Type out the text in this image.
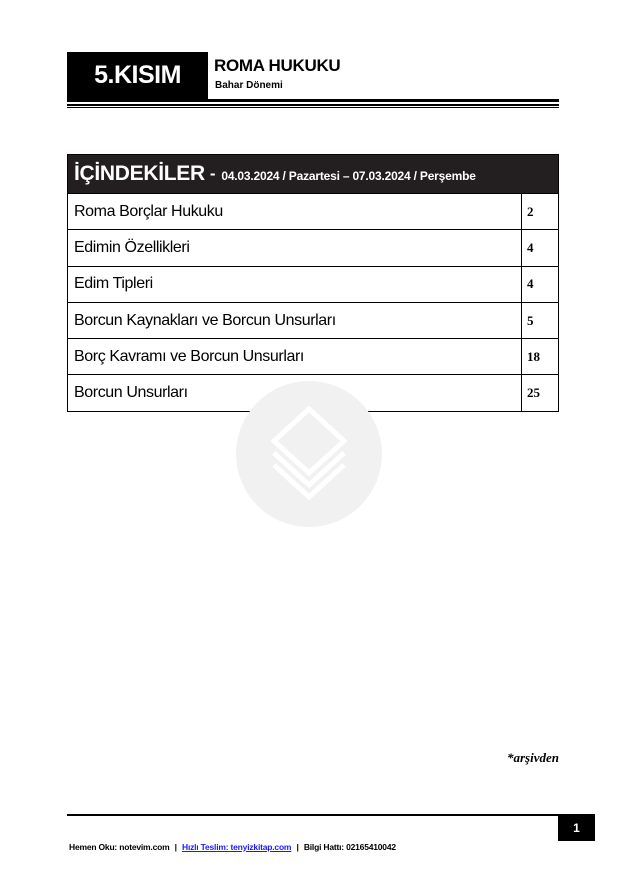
5.KISIM	ROMA HUKUKU
Bahar Dönemi
İÇİNDEKİLER - 04.03.2024 / Pazartesi – 07.03.2024 / Perşembe
Roma Borçlar Hukuku	2
Edimin Özellikleri	4
Edim Tipleri	4
Borcun Kaynakları ve Borcun Unsurları	5
Borç Kavramı ve Borcun Unsurları	18
Borcun Unsurları	25
*arşivden
1
Hemen Oku: notevim.com | Hızlı Teslim: tenyizkitap.com | Bilgi Hattı: 02165410042
